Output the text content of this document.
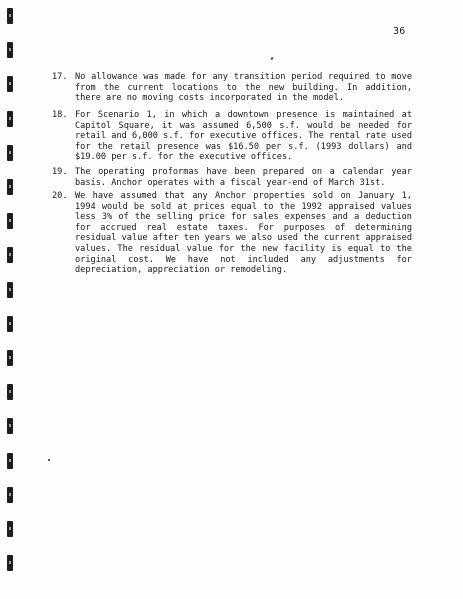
36
17. No allowance was made for any transition period required to move from the current locations to the new building. In addition, there are no moving costs incorporated in the model.
18. For Scenario 1, in which a downtown presence is maintained at Capitol Square, it was assumed 6,500 s.f. would be needed for retail and 6,000 s.f. for executive offices. The rental rate used for the retail presence was $16.50 per s.f. (1993 dollars) and $19.00 per s.f. for the executive offices.
19. The operating proformas have been prepared on a calendar year basis. Anchor operates with a fiscal year-end of March 31st.
20. We have assumed that any Anchor properties sold on January 1, 1994 would be sold at prices equal to the 1992 appraised values less 3% of the selling price for sales expenses and a deduction for accrued real estate taxes. For purposes of determining residual value after ten years we also used the current appraised values. The residual value for the new facility is equal to the original cost. We have not included any adjustments for depreciation, appreciation or remodeling.
